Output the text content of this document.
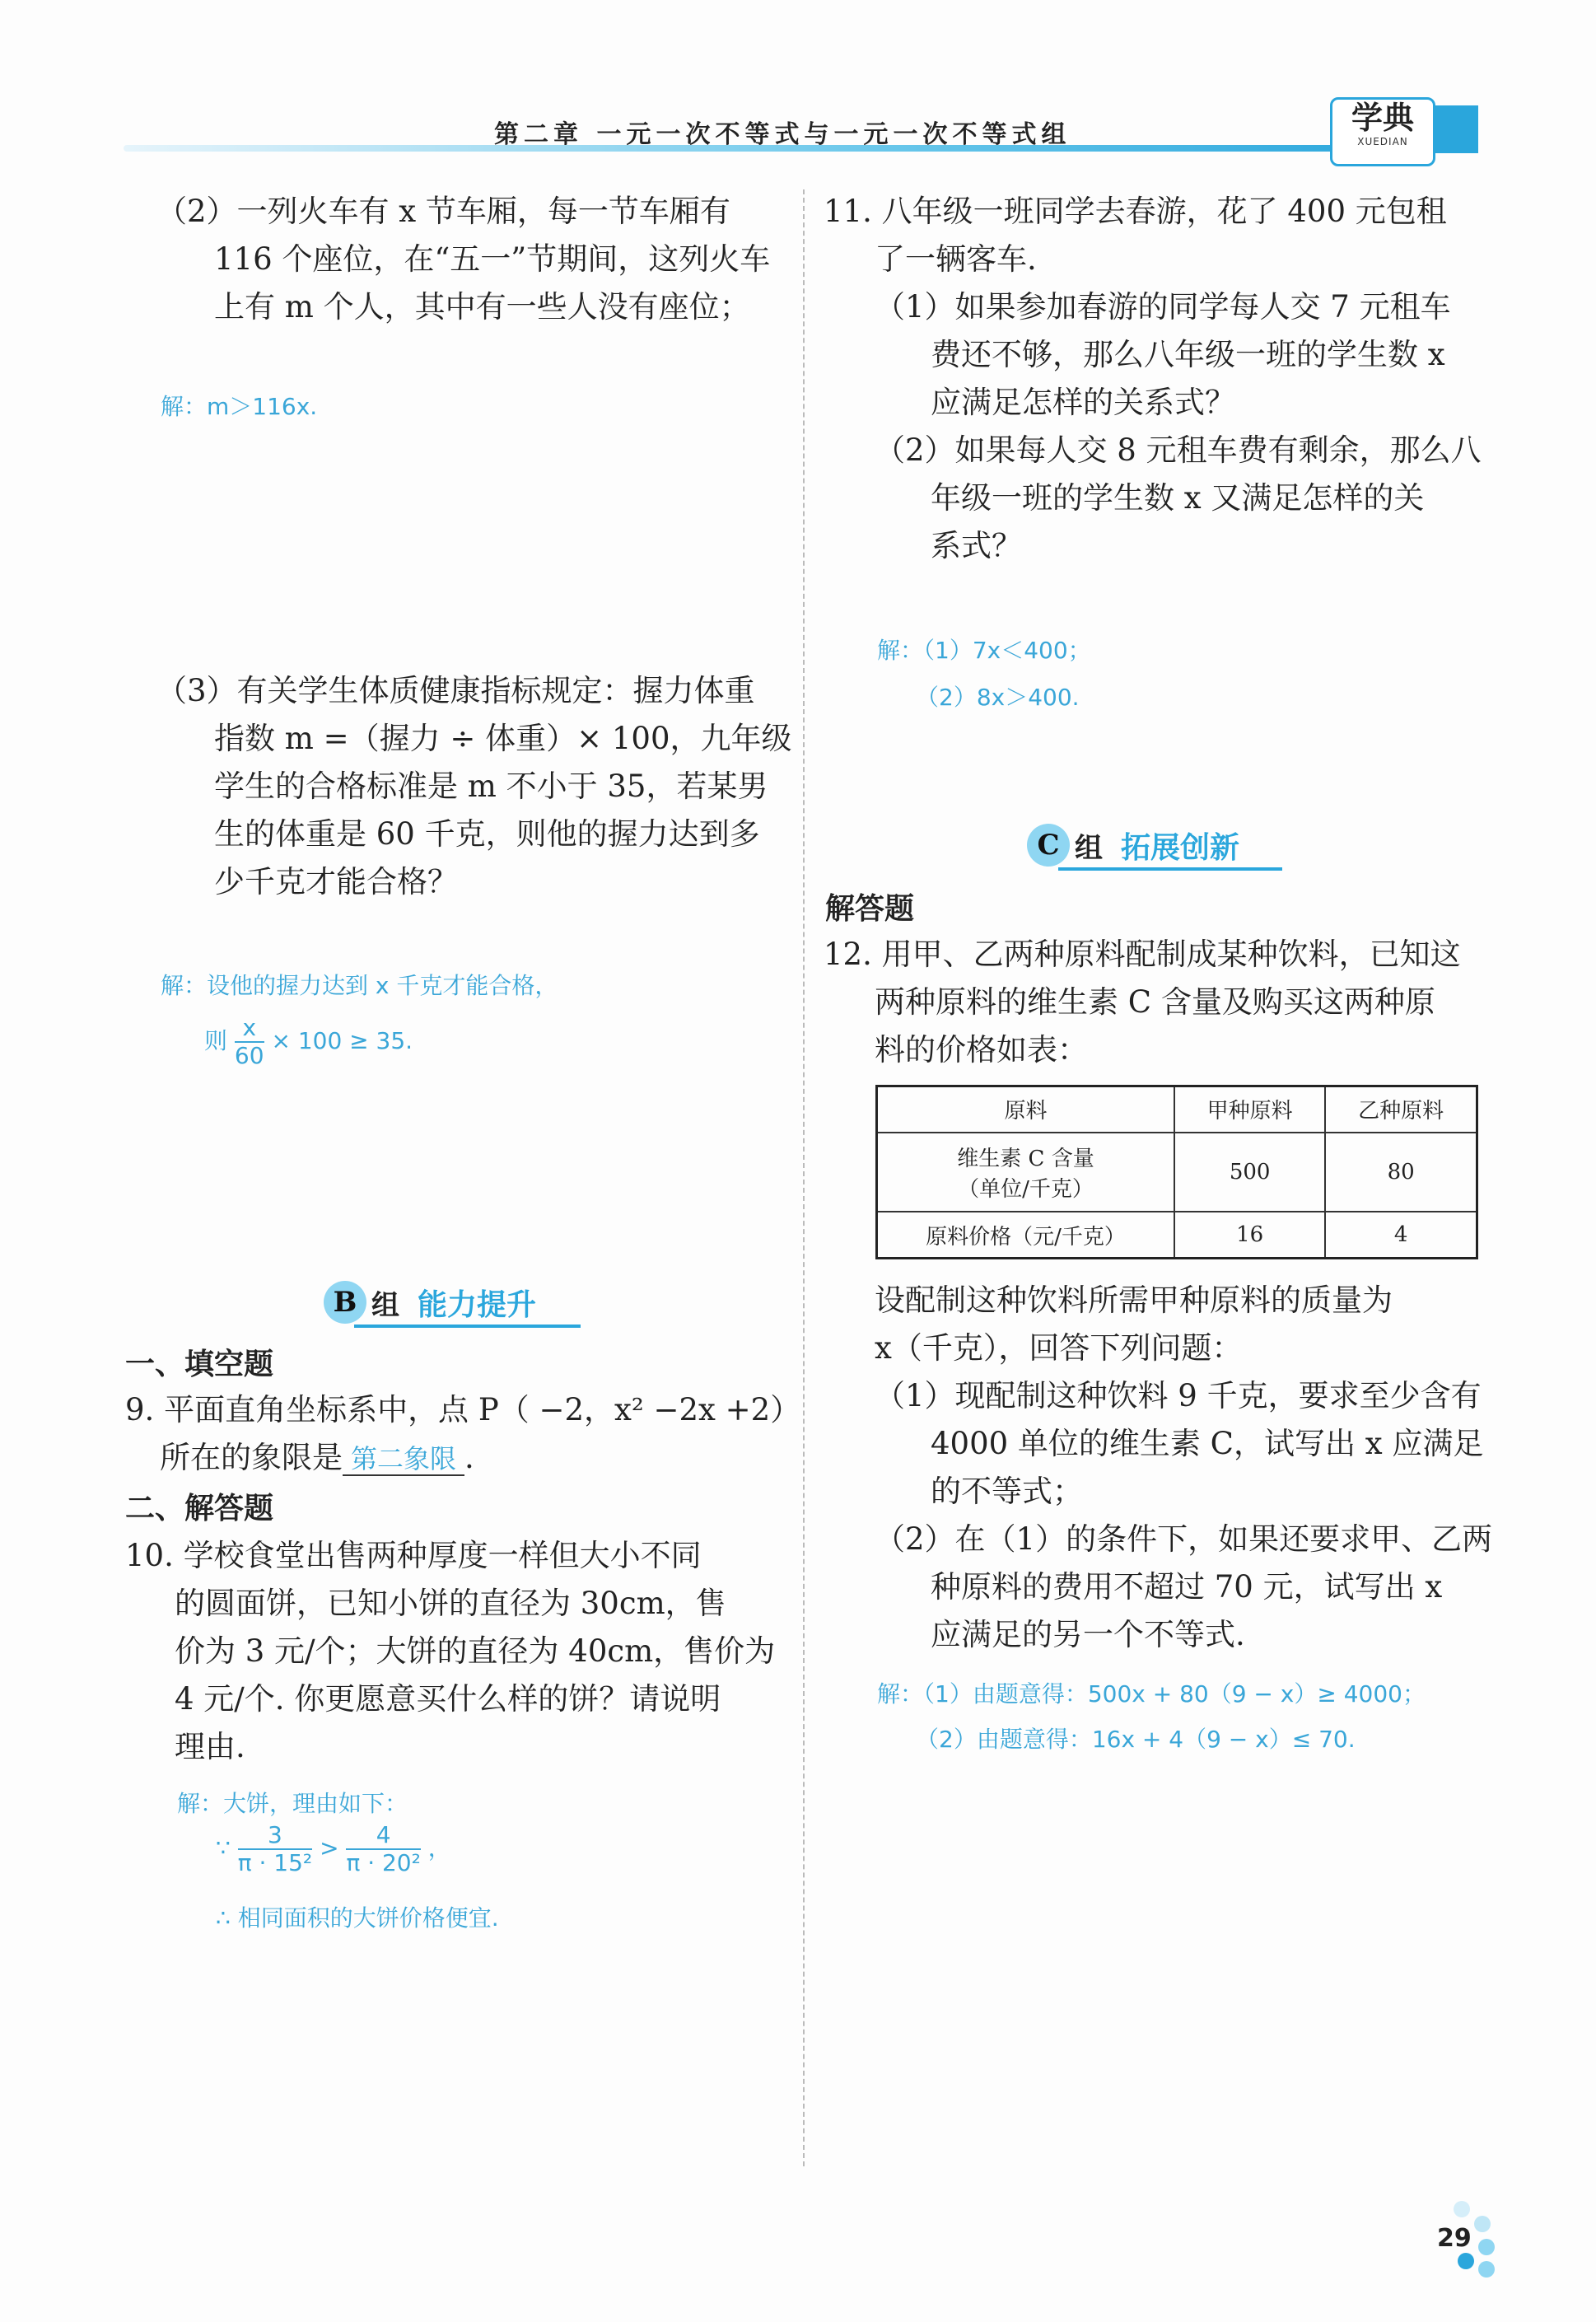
第二章 一元一次不等式与一元一次不等式组	学典
XUEDIAN
（2）一列火车有 x 节车厢，每一节车厢有
116 个座位，在“五一”节期间，这列火车
上有 m 个人，其中有一些人没有座位；
解：m＞116x.
（3）有关学生体质健康指标规定：握力体重
指数 m =（握力 ÷ 体重）× 100，九年级
学生的合格标准是 m 不小于 35，若某男
生的体重是 60 千克，则他的握力达到多
少千克才能合格？
解：设他的握力达到 x 千克才能合格，
则 $\frac{x}{60} \times 100 \ge 35$.
B 组 能力提升
一、填空题
9. 平面直角坐标系中，点 P（ −2，x² −2x +2）
所在的象限是 第二象限 .
二、解答题
10. 学校食堂出售两种厚度一样但大小不同
的圆面饼，已知小饼的直径为 30cm，售
价为 3 元/个；大饼的直径为 40cm，售价为
4 元/个. 你更愿意买什么样的饼？请说明
理由.
解：大饼，理由如下：
∵ $\frac{3}{\text{π · 15²}} > \frac{4}{\text{π · 20²}}$ ，
∴ 相同面积的大饼价格便宜.
11. 八年级一班同学去春游，花了 400 元包租
了一辆客车.
（1）如果参加春游的同学每人交 7 元租车
费还不够，那么八年级一班的学生数 x
应满足怎样的关系式？
（2）如果每人交 8 元租车费有剩余，那么八
年级一班的学生数 x 又满足怎样的关
系式？
解：（1）7x＜400；
（2）8x＞400.
C 组 拓展创新
解答题
12. 用甲、乙两种原料配制成某种饮料，已知这
两种原料的维生素 C 含量及购买这两种原
料的价格如表：
原料	甲种原料	乙种原料

维生素 C 含量
（单位/千克）	500	80
原料价格（元/千克）	16	4
设配制这种饮料所需甲种原料的质量为
x（千克），回答下列问题：
（1）现配制这种饮料 9 千克，要求至少含有
4000 单位的维生素 C，试写出 x 应满足
的不等式；
（2）在（1）的条件下，如果还要求甲、乙两
种原料的费用不超过 70 元，试写出 x
应满足的另一个不等式.
解：（1）由题意得：500x + 80（9 − x）≥ 4000；
（2）由题意得：16x + 4（9 − x）≤ 70.
29
